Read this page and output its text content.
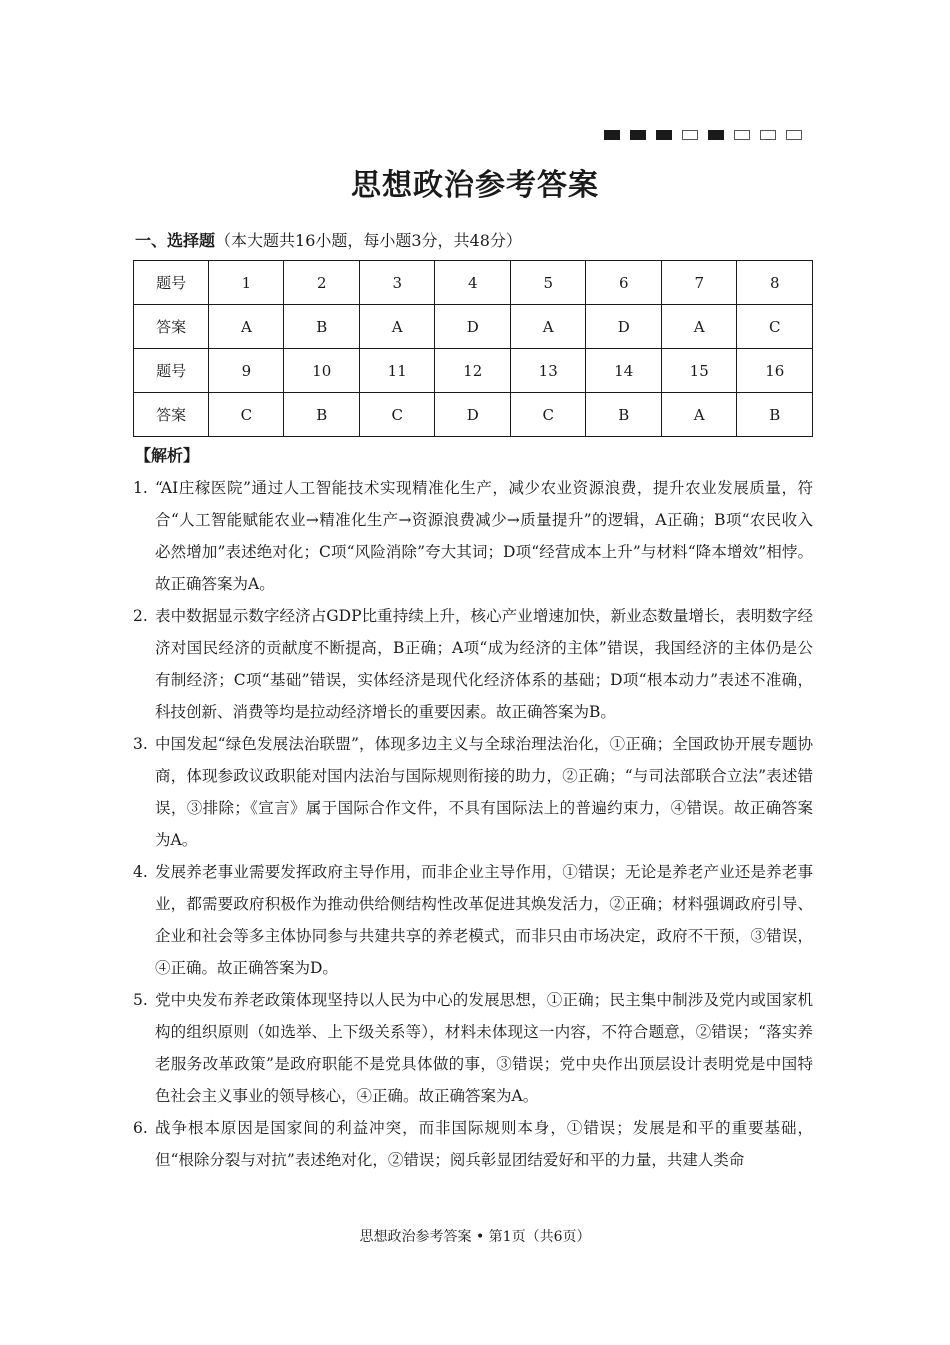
思想政治参考答案
一、选择题（本大题共16小题，每小题3分，共48分）
题号	1	2	3	4	5	6	7	8
答案	A	B	A	D	A	D	A	C
题号	9	10	11	12	13	14	15	16
答案	C	B	C	D	C	B	A	B
【解析】
1. “AI庄稼医院”通过人工智能技术实现精准化生产，减少农业资源浪费，提升农业发展质量，符合“人工智能赋能农业→精准化生产→资源浪费减少→质量提升”的逻辑，A正确；B项“农民收入必然增加”表述绝对化；C项“风险消除”夸大其词；D项“经营成本上升”与材料“降本增效”相悖。故正确答案为A。
2. 表中数据显示数字经济占GDP比重持续上升，核心产业增速加快，新业态数量增长，表明数字经济对国民经济的贡献度不断提高，B正确；A项“成为经济的主体”错误，我国经济的主体仍是公有制经济；C项“基础”错误，实体经济是现代化经济体系的基础；D项“根本动力”表述不准确，科技创新、消费等均是拉动经济增长的重要因素。故正确答案为B。
3. 中国发起“绿色发展法治联盟”，体现多边主义与全球治理法治化，①正确；全国政协开展专题协商，体现参政议政职能对国内法治与国际规则衔接的助力，②正确；“与司法部联合立法”表述错误，③排除；《宣言》属于国际合作文件，不具有国际法上的普遍约束力，④错误。故正确答案为A。
4. 发展养老事业需要发挥政府主导作用，而非企业主导作用，①错误；无论是养老产业还是养老事业，都需要政府积极作为推动供给侧结构性改革促进其焕发活力，②正确；材料强调政府引导、企业和社会等多主体协同参与共建共享的养老模式，而非只由市场决定，政府不干预，③错误，④正确。故正确答案为D。
5. 党中央发布养老政策体现坚持以人民为中心的发展思想，①正确；民主集中制涉及党内或国家机构的组织原则（如选举、上下级关系等），材料未体现这一内容，不符合题意，②错误；“落实养老服务改革政策”是政府职能不是党具体做的事，③错误；党中央作出顶层设计表明党是中国特色社会主义事业的领导核心，④正确。故正确答案为A。
6. 战争根本原因是国家间的利益冲突，而非国际规则本身，①错误；发展是和平的重要基础，但“根除分裂与对抗”表述绝对化，②错误；阅兵彰显团结爱好和平的力量，共建人类命
思想政治参考答案 • 第1页（共6页）
